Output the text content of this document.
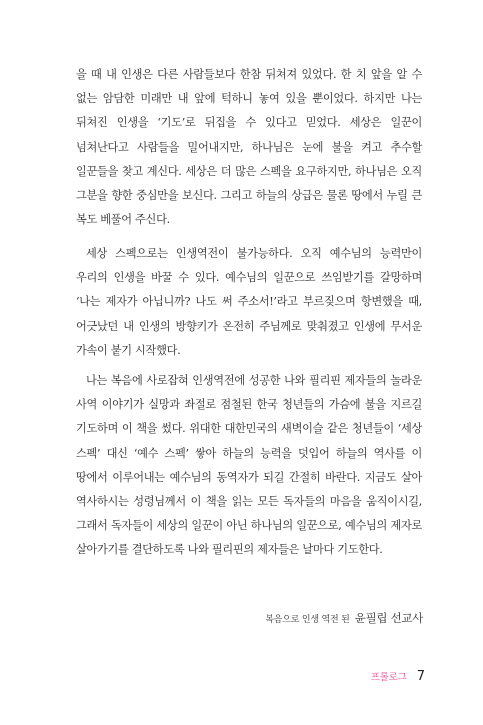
을 때 내 인생은 다른 사람들보다 한참 뒤쳐져 있었다. 한 치 앞을 알 수 없는 암담한 미래만 내 앞에 턱하니 놓여 있을 뿐이었다. 하지만 나는 뒤쳐진 인생을 ‘기도’로 뒤집을 수 있다고 믿었다. 세상은 일꾼이 넘쳐난다고 사람들을 밀어내지만, 하나님은 눈에 불을 켜고 추수할 일꾼들을 찾고 계신다. 세상은 더 많은 스펙을 요구하지만, 하나님은 오직 그분을 향한 중심만을 보신다. 그리고 하늘의 상급은 물론 땅에서 누릴 큰 복도 베풀어 주신다.

세상 스펙으로는 인생역전이 불가능하다. 오직 예수님의 능력만이 우리의 인생을 바꿀 수 있다. 예수님의 일꾼으로 쓰임받기를 갈망하며 ‘나는 제자가 아닙니까? 나도 써 주소서!’라고 부르짖으며 항변했을 때, 어긋났던 내 인생의 방향키가 온전히 주님께로 맞춰졌고 인생에 무서운 가속이 붙기 시작했다.

나는 복음에 사로잡혀 인생역전에 성공한 나와 필리핀 제자들의 놀라운 사역 이야기가 실망과 좌절로 점철된 한국 청년들의 가슴에 불을 지르길 기도하며 이 책을 썼다. 위대한 대한민국의 새벽이슬 같은 청년들이 ‘세상 스펙’ 대신 ‘예수 스펙’ 쌓아 하늘의 능력을 덧입어 하늘의 역사를 이 땅에서 이루어내는 예수님의 동역자가 되길 간절히 바란다. 지금도 살아 역사하시는 성령님께서 이 책을 읽는 모든 독자들의 마음을 움직이시길, 그래서 독자들이 세상의 일꾼이 아닌 하나님의 일꾼으로, 예수님의 제자로 살아가기를 결단하도록 나와 필리핀의 제자들은 날마다 기도한다.

복음으로 인생 역전 된 윤필립 선교사
프롤로그 7
